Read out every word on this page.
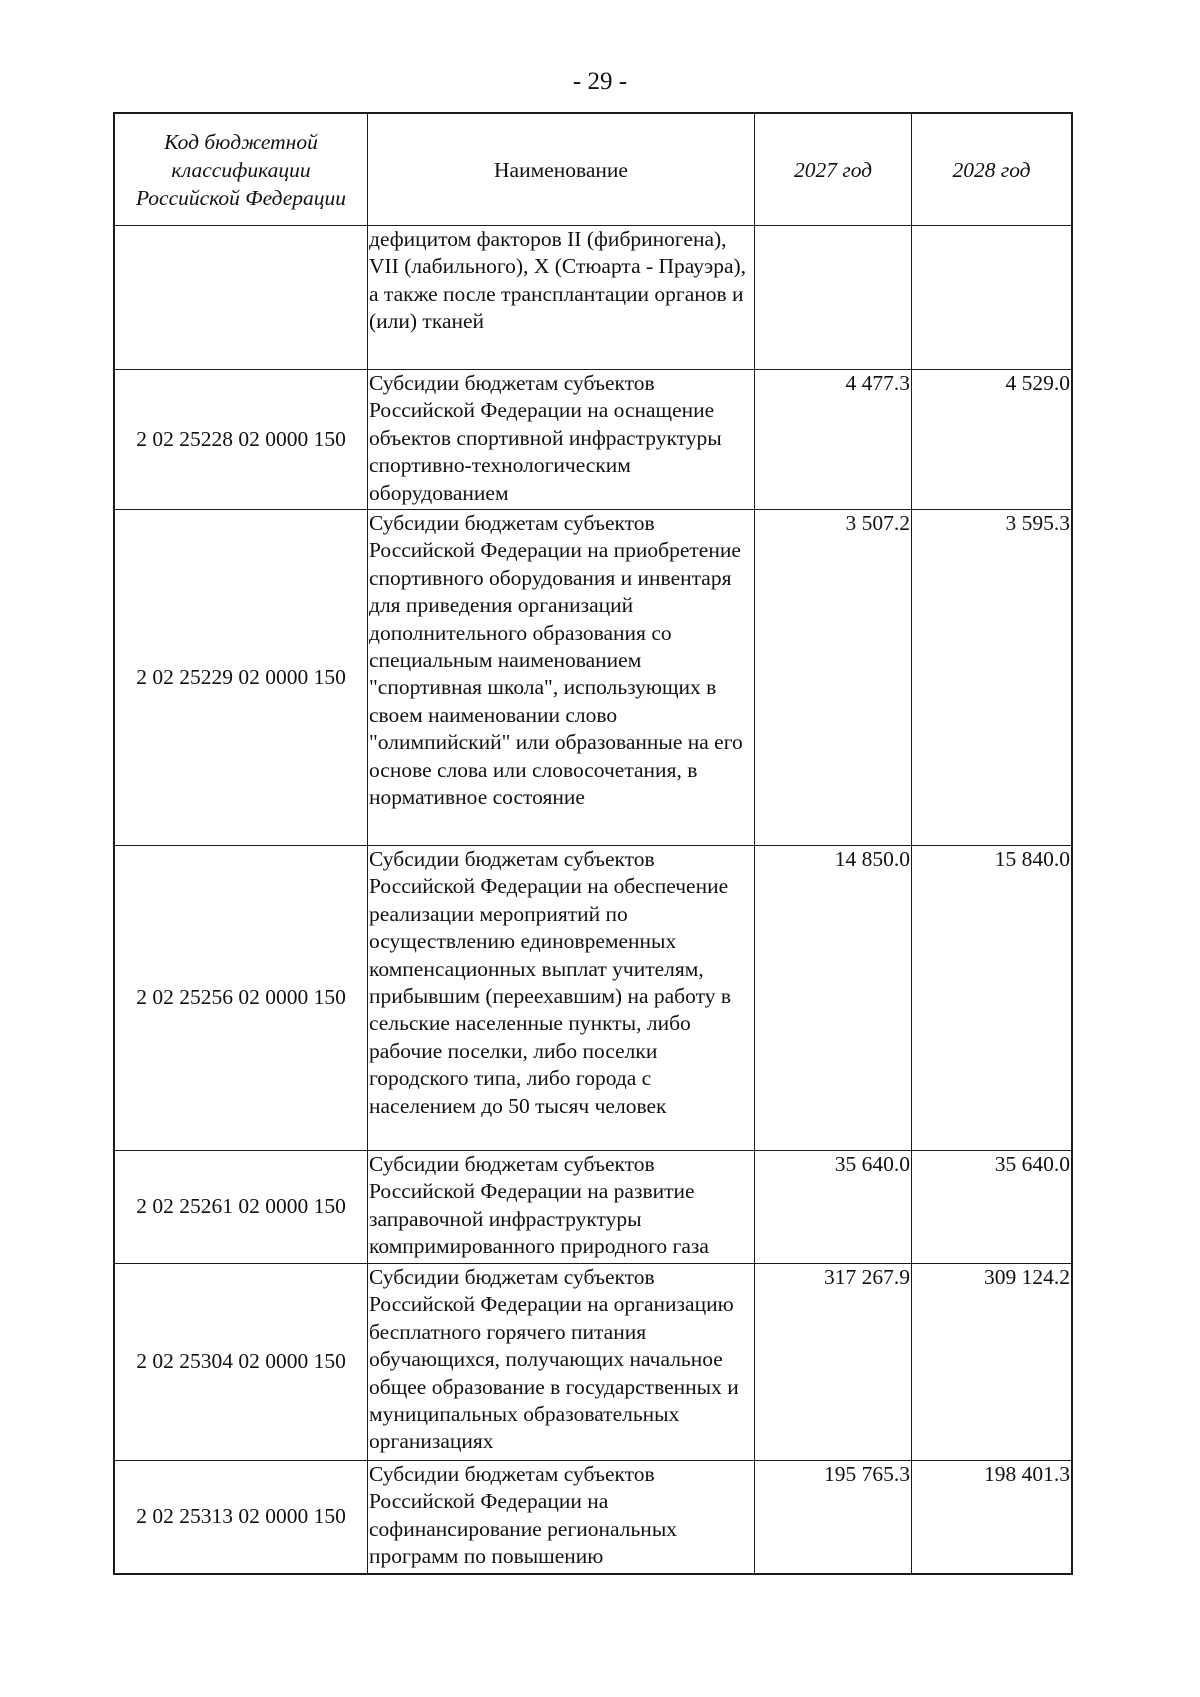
- 29 -
Код бюджетной классификации Российской Федерации	Наименование	2027 год	2028 год
	дефицитом факторов II (фибриногена), VII (лабильного), X (Стюарта - Прауэра), а также после трансплантации органов и (или) тканей		
2 02 25228 02 0000 150	Субсидии бюджетам субъектов Российской Федерации на оснащение объектов спортивной инфраструктуры спортивно-технологическим оборудованием	4 477.3	4 529.0
2 02 25229 02 0000 150	Субсидии бюджетам субъектов Российской Федерации на приобретение спортивного оборудования и инвентаря для приведения организаций дополнительного образования со специальным наименованием "спортивная школа", использующих в своем наименовании слово "олимпийский" или образованные на его основе слова или словосочетания, в нормативное состояние	3 507.2	3 595.3
2 02 25256 02 0000 150	Субсидии бюджетам субъектов Российской Федерации на обеспечение реализации мероприятий по осуществлению единовременных компенсационных выплат учителям, прибывшим (переехавшим) на работу в сельские населенные пункты, либо рабочие поселки, либо поселки городского типа, либо города с населением до 50 тысяч человек	14 850.0	15 840.0
2 02 25261 02 0000 150	Субсидии бюджетам субъектов Российской Федерации на развитие заправочной инфраструктуры компримированного природного газа	35 640.0	35 640.0
2 02 25304 02 0000 150	Субсидии бюджетам субъектов Российской Федерации на организацию бесплатного горячего питания обучающихся, получающих начальное общее образование в государственных и муниципальных образовательных организациях	317 267.9	309 124.2
2 02 25313 02 0000 150	Субсидии бюджетам субъектов Российской Федерации на софинансирование региональных программ по повышению	195 765.3	198 401.3
